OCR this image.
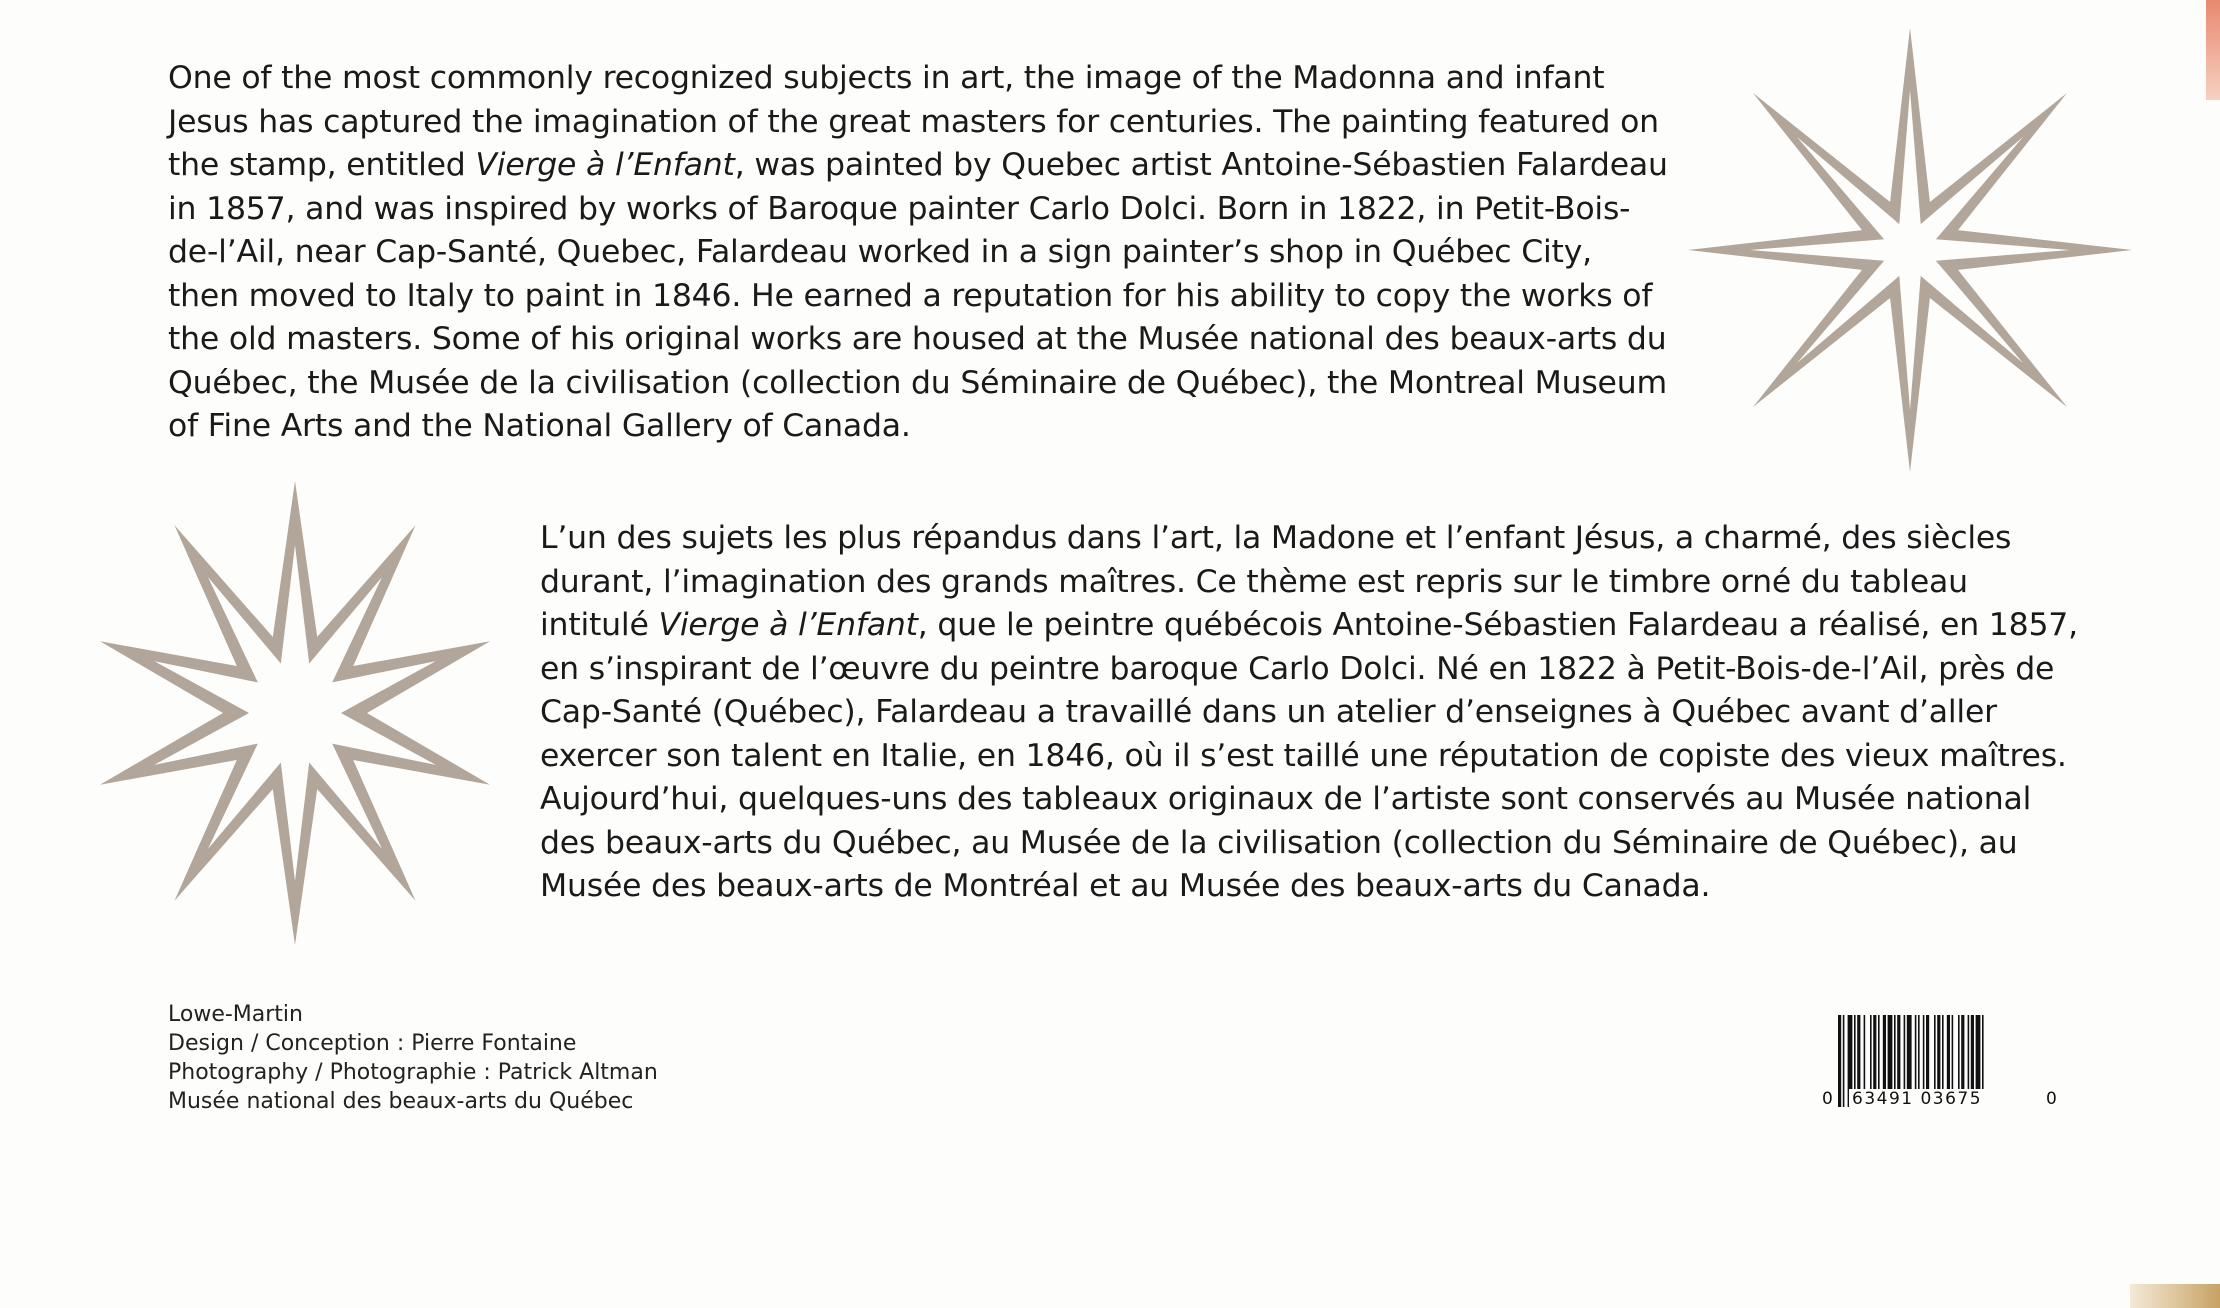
One of the most commonly recognized subjects in art, the image of the Madonna and infant Jesus has captured the imagination of the great masters for centuries. The painting featured on the stamp, entitled Vierge à l’Enfant, was painted by Quebec artist Antoine-Sébastien Falardeau in 1857, and was inspired by works of Baroque painter Carlo Dolci. Born in 1822, in Petit-Bois-de-l’Ail, near Cap-Santé, Quebec, Falardeau worked in a sign painter’s shop in Québec City, then moved to Italy to paint in 1846. He earned a reputation for his ability to copy the works of the old masters. Some of his original works are housed at the Musée national des beaux-arts du Québec, the Musée de la civilisation (collection du Séminaire de Québec), the Montreal Museum of Fine Arts and the National Gallery of Canada.

L’un des sujets les plus répandus dans l’art, la Madone et l’enfant Jésus, a charmé, des siècles durant, l’imagination des grands maîtres. Ce thème est repris sur le timbre orné du tableau intitulé Vierge à l’Enfant, que le peintre québécois Antoine-Sébastien Falardeau a réalisé, en 1857, en s’inspirant de l’œuvre du peintre baroque Carlo Dolci. Né en 1822 à Petit-Bois-de-l’Ail, près de Cap-Santé (Québec), Falardeau a travaillé dans un atelier d’enseignes à Québec avant d’aller exercer son talent en Italie, en 1846, où il s’est taillé une réputation de copiste des vieux maîtres. Aujourd’hui, quelques-uns des tableaux originaux de l’artiste sont conservés au Musée national des beaux-arts du Québec, au Musée de la civilisation (collection du Séminaire de Québec), au Musée des beaux-arts de Montréal et au Musée des beaux-arts du Canada.

Lowe-Martin
Design / Conception : Pierre Fontaine
Photography / Photographie : Patrick Altman
Musée national des beaux-arts du Québec	0 63491 03675	0
